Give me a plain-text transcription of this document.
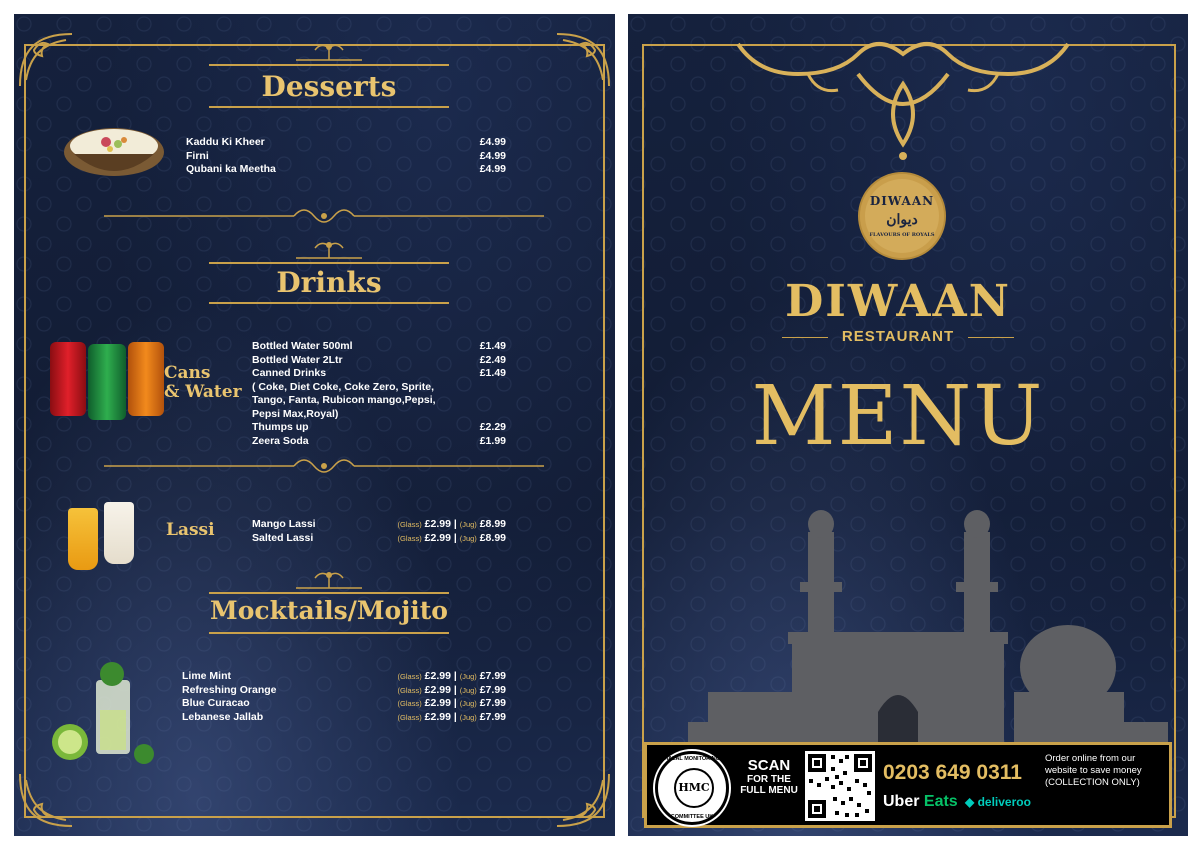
Desserts
Kaddu Ki Kheer
Firni
Qubani ka Meetha
£4.99
£4.99
£4.99
Drinks
Cans
& Water
Bottled Water 500ml
Bottled Water 2Ltr
Canned Drinks
( Coke, Diet Coke, Coke Zero, Sprite,
Tango, Fanta, Rubicon mango,Pepsi,
Pepsi Max,Royal)
Thumps up
Zeera Soda
£1.49
£2.49
£1.49
£2.29
£1.99
Lassi	Mango Lassi
Salted Lassi
(Glass) £2.99 | (Jug) £8.99
(Glass) £2.99 | (Jug) £8.99
Mocktails/Mojito
Lime Mint
Refreshing Orange
Blue Curacao
Lebanese Jallab
(Glass) £2.99 | (Jug) £7.99
(Glass) £2.99 | (Jug) £7.99
(Glass) £2.99 | (Jug) £7.99
(Glass) £2.99 | (Jug) £7.99
DIWAAN
ديوان
FLAVOURS OF ROYALS
DIWAAN
RESTAURANT
MENU
HMC
HALAL MONITORING
COMMITTEE UK
SCAN
FOR THE
FULL MENU
0203 649 0311
Uber Eats ◆ deliveroo
Order online from our
website to save money
(COLLECTION ONLY)
